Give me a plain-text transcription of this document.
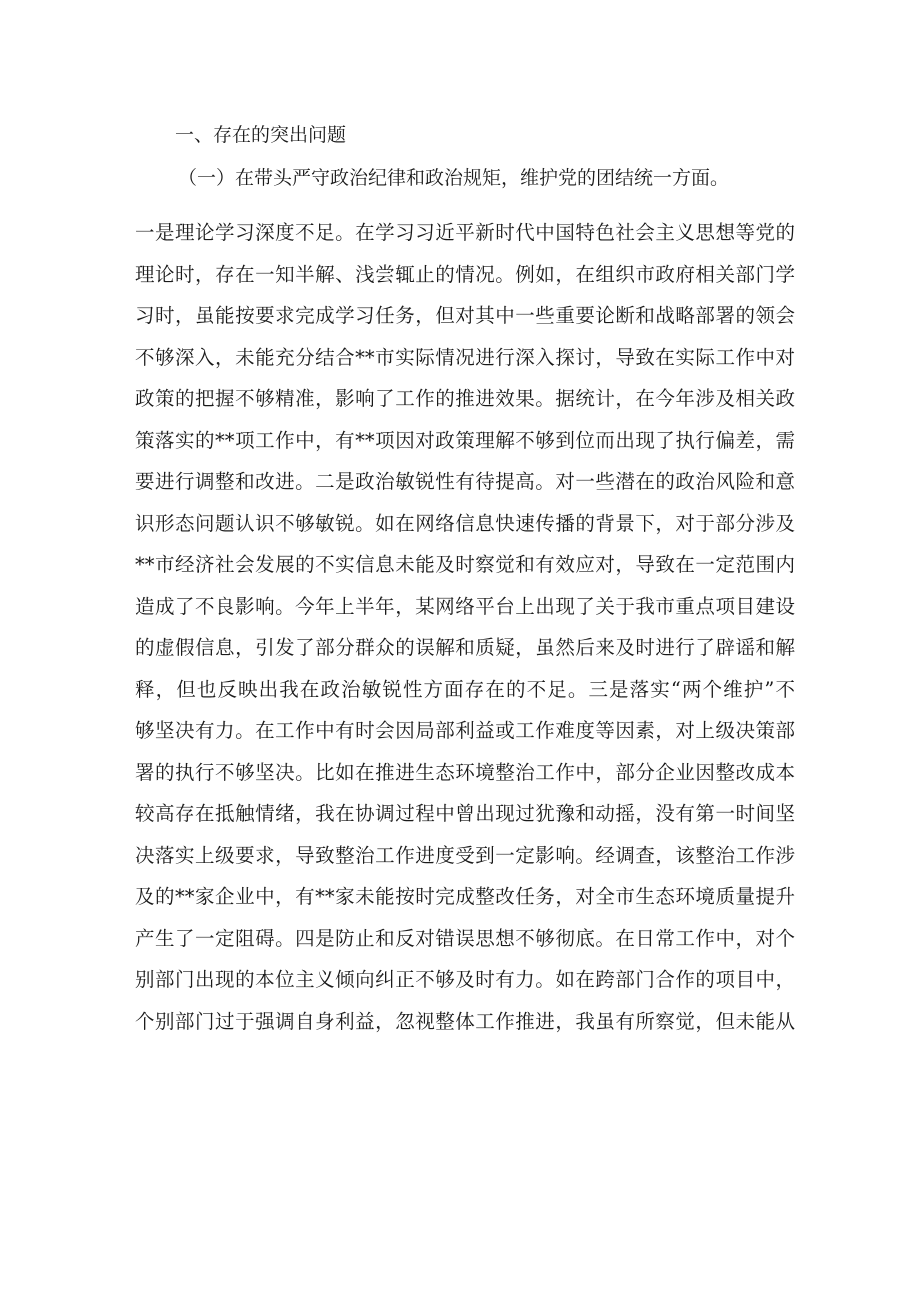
一、存在的突出问题
（一）在带头严守政治纪律和政治规矩，维护党的团结统一方面。
一是理论学习深度不足。在学习习近平新时代中国特色社会主义思想等党的
理论时，存在一知半解、浅尝辄止的情况。例如，在组织市政府相关部门学
习时，虽能按要求完成学习任务，但对其中一些重要论断和战略部署的领会
不够深入，未能充分结合**市实际情况进行深入探讨，导致在实际工作中对
政策的把握不够精准，影响了工作的推进效果。据统计，在今年涉及相关政
策落实的**项工作中，有**项因对政策理解不够到位而出现了执行偏差，需
要进行调整和改进。二是政治敏锐性有待提高。对一些潜在的政治风险和意
识形态问题认识不够敏锐。如在网络信息快速传播的背景下，对于部分涉及
**市经济社会发展的不实信息未能及时察觉和有效应对，导致在一定范围内
造成了不良影响。今年上半年，某网络平台上出现了关于我市重点项目建设
的虚假信息，引发了部分群众的误解和质疑，虽然后来及时进行了辟谣和解
释，但也反映出我在政治敏锐性方面存在的不足。三是落实“两个维护”不
够坚决有力。在工作中有时会因局部利益或工作难度等因素，对上级决策部
署的执行不够坚决。比如在推进生态环境整治工作中，部分企业因整改成本
较高存在抵触情绪，我在协调过程中曾出现过犹豫和动摇，没有第一时间坚
决落实上级要求，导致整治工作进度受到一定影响。经调查，该整治工作涉
及的**家企业中，有**家未能按时完成整改任务，对全市生态环境质量提升
产生了一定阻碍。四是防止和反对错误思想不够彻底。在日常工作中，对个
别部门出现的本位主义倾向纠正不够及时有力。如在跨部门合作的项目中，
个别部门过于强调自身利益，忽视整体工作推进，我虽有所察觉，但未能从
